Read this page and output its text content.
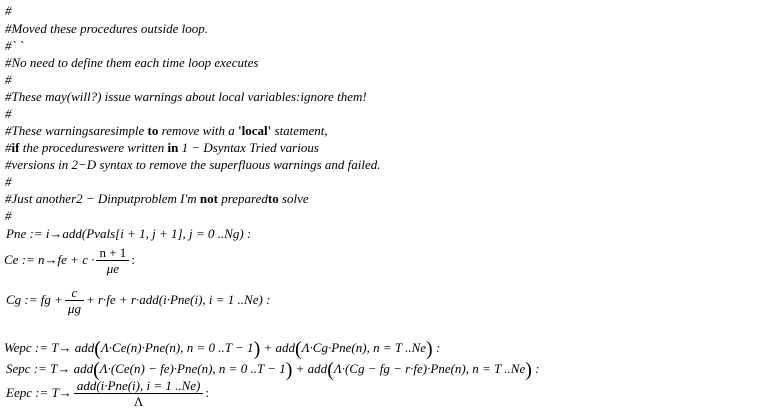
#
#Moved these procedures outside loop.
#` `
#No need to define them each time loop executes
#
#These may(will?) issue warnings about local variables:ignore them!
#
#These warningsaresimple to remove with a 'local' statement,
#if the procedureswere written in 1 − Dsyntax Tried various
#versions in 2−D syntax to remove the superfluous warnings and failed.
#
#Just another2 − Dinputproblem I'm not preparedto solve
#
Pne := i→add(Pvals[i + 1, j + 1], j = 0 ..Ng) :
Ce := $n\to fe + c \cdot \frac{n + 1}{\mu e}$ :
Cg := fg + $\frac{c}{\mu g} + r\cdot fe + r\cdot add(i\cdot Pne(i)$, i = 1 ..Ne) :
Wepc := T→ add(Λ·Ce(n)·Pne(n), n = 0 ..T − 1) + add(Λ·Cg·Pne(n), n = T ..Ne) :
Sepc := T→ add(Λ·(Ce(n) − fe)·Pne(n), n = 0 ..T − 1) + add(Λ·(Cg − fg − r·fe)·Pne(n), n = T ..Ne) :
Eepc := $T\to \frac{\text{add(i·Pne(i), i = 1 ..Ne)}}{\Lambda}$ :
